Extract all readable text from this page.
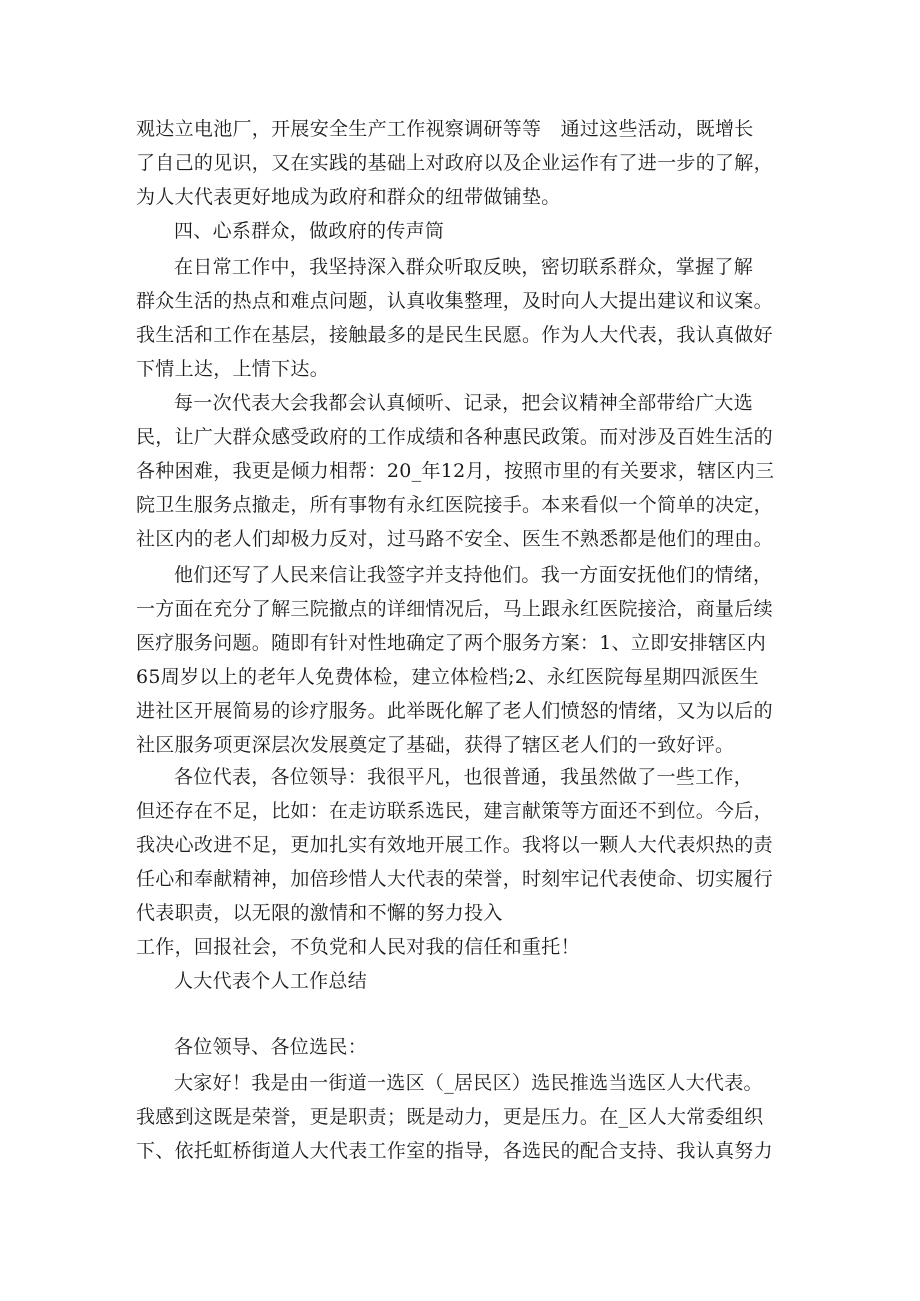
观达立电池厂，开展安全生产工作视察调研等等　通过这些活动，既增长
了自己的见识，又在实践的基础上对政府以及企业运作有了进一步的了解，
为人大代表更好地成为政府和群众的纽带做铺垫。
四、心系群众，做政府的传声筒
在日常工作中，我坚持深入群众听取反映，密切联系群众，掌握了解
群众生活的热点和难点问题，认真收集整理，及时向人大提出建议和议案。
我生活和工作在基层，接触最多的是民生民愿。作为人大代表，我认真做好
下情上达，上情下达。
每一次代表大会我都会认真倾听、记录，把会议精神全部带给广大选
民，让广大群众感受政府的工作成绩和各种惠民政策。而对涉及百姓生活的
各种困难，我更是倾力相帮：20_年12月，按照市里的有关要求，辖区内三
院卫生服务点撤走，所有事物有永红医院接手。本来看似一个简单的决定，
社区内的老人们却极力反对，过马路不安全、医生不熟悉都是他们的理由。
他们还写了人民来信让我签字并支持他们。我一方面安抚他们的情绪，
一方面在充分了解三院撤点的详细情况后，马上跟永红医院接洽，商量后续
医疗服务问题。随即有针对性地确定了两个服务方案：1、立即安排辖区内
65周岁以上的老年人免费体检，建立体检档;2、永红医院每星期四派医生
进社区开展简易的诊疗服务。此举既化解了老人们愤怒的情绪，又为以后的
社区服务项更深层次发展奠定了基础，获得了辖区老人们的一致好评。
各位代表，各位领导：我很平凡，也很普通，我虽然做了一些工作，
但还存在不足，比如：在走访联系选民，建言献策等方面还不到位。今后，
我决心改进不足，更加扎实有效地开展工作。我将以一颗人大代表炽热的责
任心和奉献精神，加倍珍惜人大代表的荣誉，时刻牢记代表使命、切实履行
代表职责，以无限的激情和不懈的努力投入
工作，回报社会，不负党和人民对我的信任和重托！
人大代表个人工作总结
各位领导、各位选民：
大家好！我是由一街道一选区（_居民区）选民推选当选区人大代表。
我感到这既是荣誉，更是职责；既是动力，更是压力。在_区人大常委组织
下、依托虹桥街道人大代表工作室的指导，各选民的配合支持、我认真努力
